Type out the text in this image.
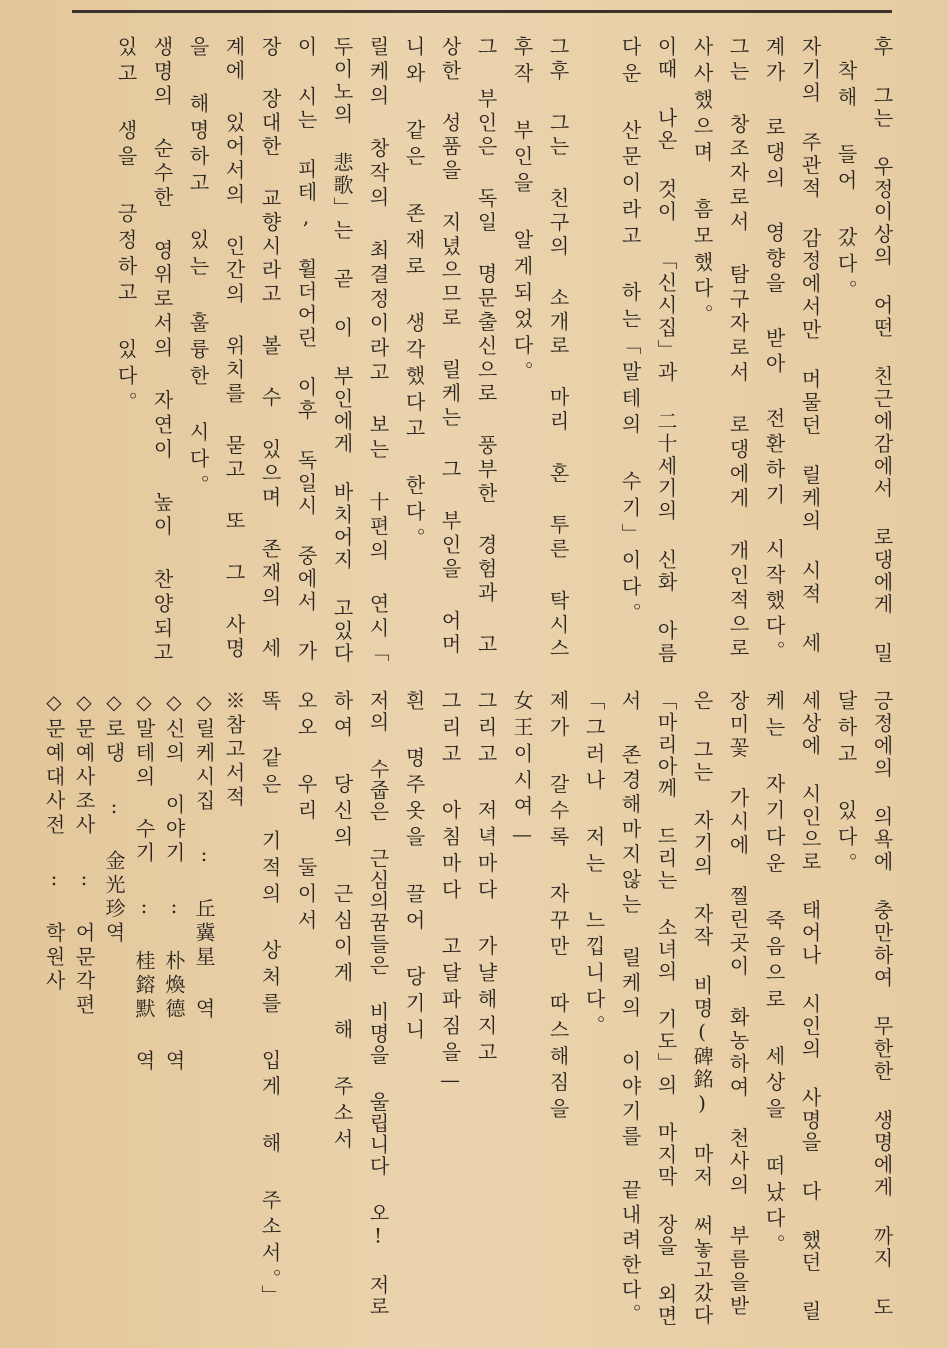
후 그는 우정이상의 어떤 친근에감에서 로댕에게 밀
착해 들어 갔다。
자기의 주관적 감정에서만 머물던 릴케의 시적 세
계가 로댕의 영향을 받아 전환하기 시작했다。
그는 창조자로서 탐구자로서 로댕에게 개인적으로
사사했으며 흠모했다。
이때 나온 것이 「신시집」과 二十세기의 신화 아름
다운 산문이라고 하는「말테의 수기」이다。
그후 그는 친구의 소개로 마리 혼 투른 탁시스
후작 부인을 알게되었다。
그 부인은 독일 명문출신으로 풍부한 경험과 고
상한 성품을 지녔으므로 릴케는 그 부인을 어머
니와 같은 존재로 생각했다고 한다。
릴케의 창작의 최결정이라고 보는 十편의 연시「
두이노의 悲歌」는 곧 이 부인에게 바치어지 고있다
이 시는 피테, 휠더어린 이후 독일시 중에서 가
장 장대한 교향시라고 볼 수 있으며 존재의 세
계에 있어서의 인간의 위치를 묻고 또 그 사명
을 해명하고 있는 훌륭한 시다。
생명의 순수한 영위로서의 자연이 높이 찬양되고
있고 생을 긍정하고 있다。
긍정에의 의욕에 충만하여 무한한 생명에게 까지 도
달하고 있다。
세상에 시인으로 태어나 시인의 사명을 다 했던 릴
케는 자기다운 죽음으로 세상을 떠났다。
장미꽃 가시에 찔린곳이 화농하여 천사의 부름을받
은 그는 자기의 자작 비명(碑銘) 마저 써놓고갔다
「마리아께 드리는 소녀의 기도」의 마지막 장을 외면
서 존경해마지않는 릴케의 이야기를 끝내려한다。
「그러나 저는 느낍니다。
제가 갈수록 자꾸만 따스해짐을
女王이시여—
그리고 저녁마다 가냘해지고
그리고 아침마다 고달파짐을—
흰 명주옷을 끌어 당기니
저의 수줍은 근심의꿈들은 비명을 울립니다 오! 저로
하여 당신의 근심이게 해 주소서
오오 우리 둘이서
똑 같은 기적의 상처를 입게 해 주소서。」
※참고서적
◇릴케시집 : 丘冀星 역
◇신의 이야기 : 朴煥德 역
◇말테의 수기 : 桂鎔默 역
◇로댕 : 金光珍역
◇문예사조사 : 어문각편
◇문예대사전 : 학원사
